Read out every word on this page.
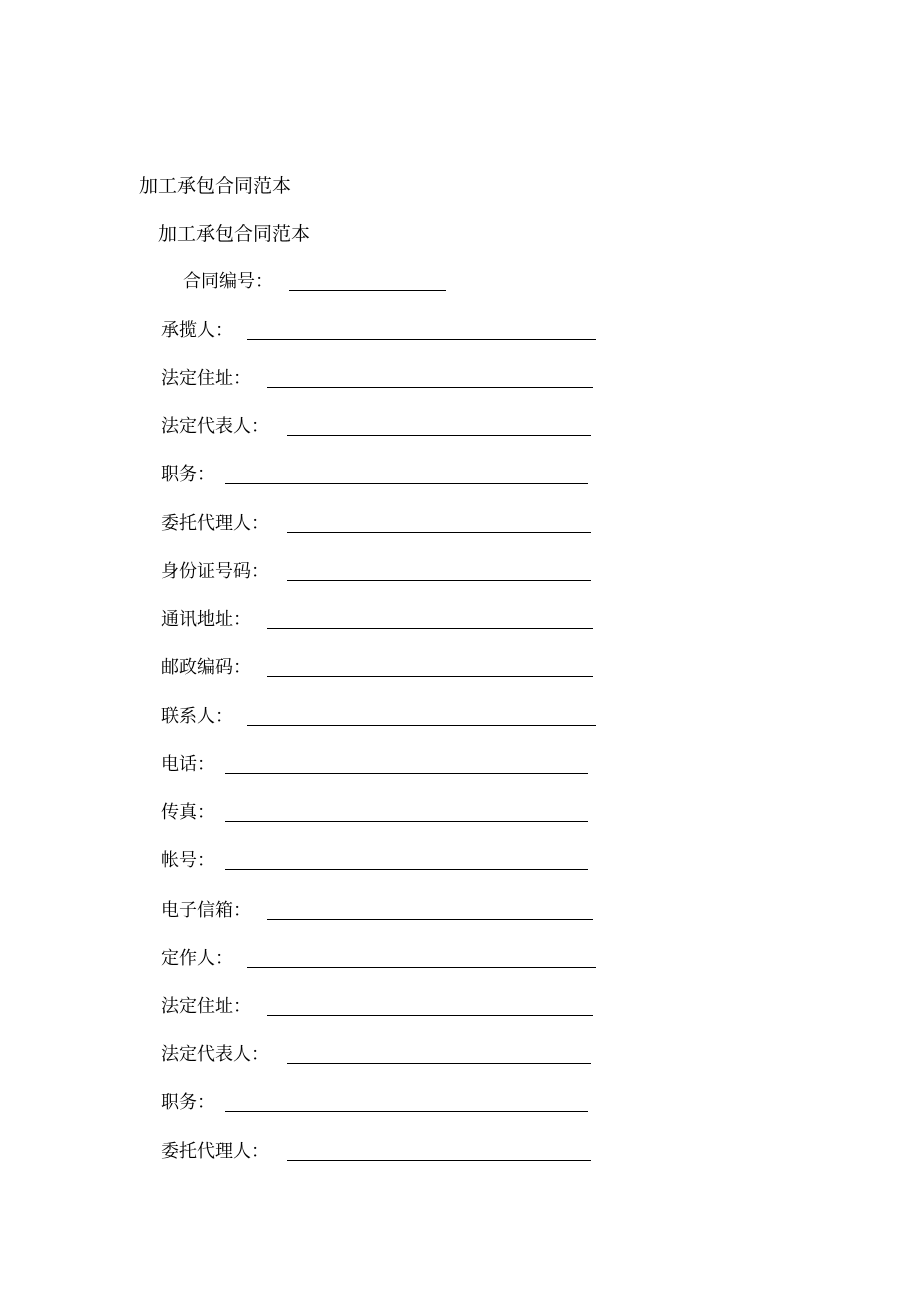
加工承包合同范本
加工承包合同范本
合同编号：
承揽人：
法定住址：
法定代表人：
职务：
委托代理人：
身份证号码：
通讯地址：
邮政编码：
联系人：
电话：
传真：
帐号：
电子信箱：
定作人：
法定住址：
法定代表人：
职务：
委托代理人：
